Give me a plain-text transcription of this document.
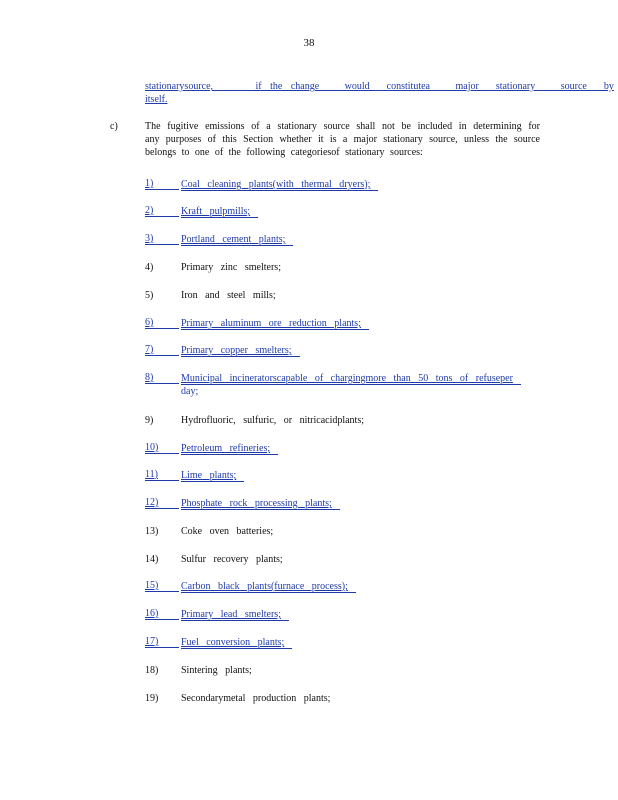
38
stationarysource,     if the change   would  constitutea   major  stationary   source  by
itself.
c)	The fugitive emissions of a stationary source shall not be included in determining for any purposes of this Section whether it is a major stationary source, unless the source belongs to one of the following categoriesof stationary sources:
1)	Coal cleaning plants(with thermal dryers);
2)	Kraft pulpmills;
3)	Portland cement plants;
4)	Primary zinc smelters;
5)	Iron and steel mills;
6)	Primary aluminum ore reduction plants;
7)	Primary copper smelters;
8)	Municipal incineratorscapable of chargingmore than 50 tons of refuseper
day;
9)	Hydrofluoric, sulfuric, or nitricacidplants;
10)	Petroleum refineries;
11)	Lime plants;
12)	Phosphate rock processing plants;
13)	Coke oven batteries;
14)	Sulfur recovery plants;
15)	Carbon black plants(furnace process);
16)	Primary lead smelters;
17)	Fuel conversion plants;
18)	Sintering plants;
19)	Secondarymetal production plants;
